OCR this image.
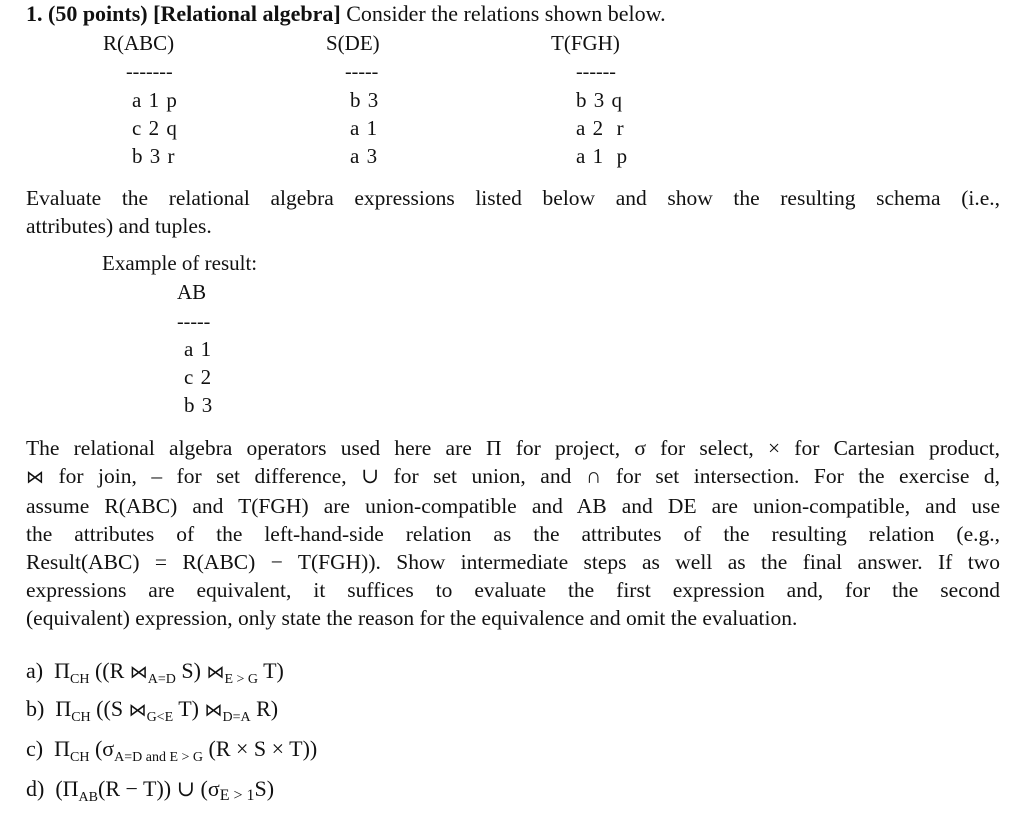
1. (50 points) [Relational algebra] Consider the relations shown below.
R(ABC)
-------
a 1 p
c 2 q
b 3 r
S(DE)
-----
b 3
a 1
a 3
T(FGH)
------
b 3 q
a 2  r
a 1  p
Evaluate the relational algebra expressions listed below and show the resulting schema (i.e.,
attributes) and tuples.
Example of result:
AB
-----
a 1
c 2
b 3
The relational algebra operators used here are Π for project, σ for select, × for Cartesian product,
⋈ for join, – for set difference, ∪ for set union, and ∩ for set intersection. For the exercise d,
assume R(ABC) and T(FGH) are union-compatible and AB and DE are union-compatible, and use
the attributes of the left-hand-side relation as the attributes of the resulting relation (e.g.,
Result(ABC) = R(ABC) − T(FGH)). Show intermediate steps as well as the final answer. If two
expressions are equivalent, it suffices to evaluate the first expression and, for the second
(equivalent) expression, only state the reason for the equivalence and omit the evaluation.
a) $\Pi_{CH}$ ((R $⋈_{A=D}$ S) $⋈_{E > G}$ T)
b) $\Pi_{CH}$ ((S $⋈_{G<E}$ T) $⋈_{D=A}$ R)
c) $\Pi_{CH}$ ($\sigma_{A=D and E > G}$ (R × S × T))
d) $(\Pi_{AB}(R - T))$ ∪ (σE > 1S)
